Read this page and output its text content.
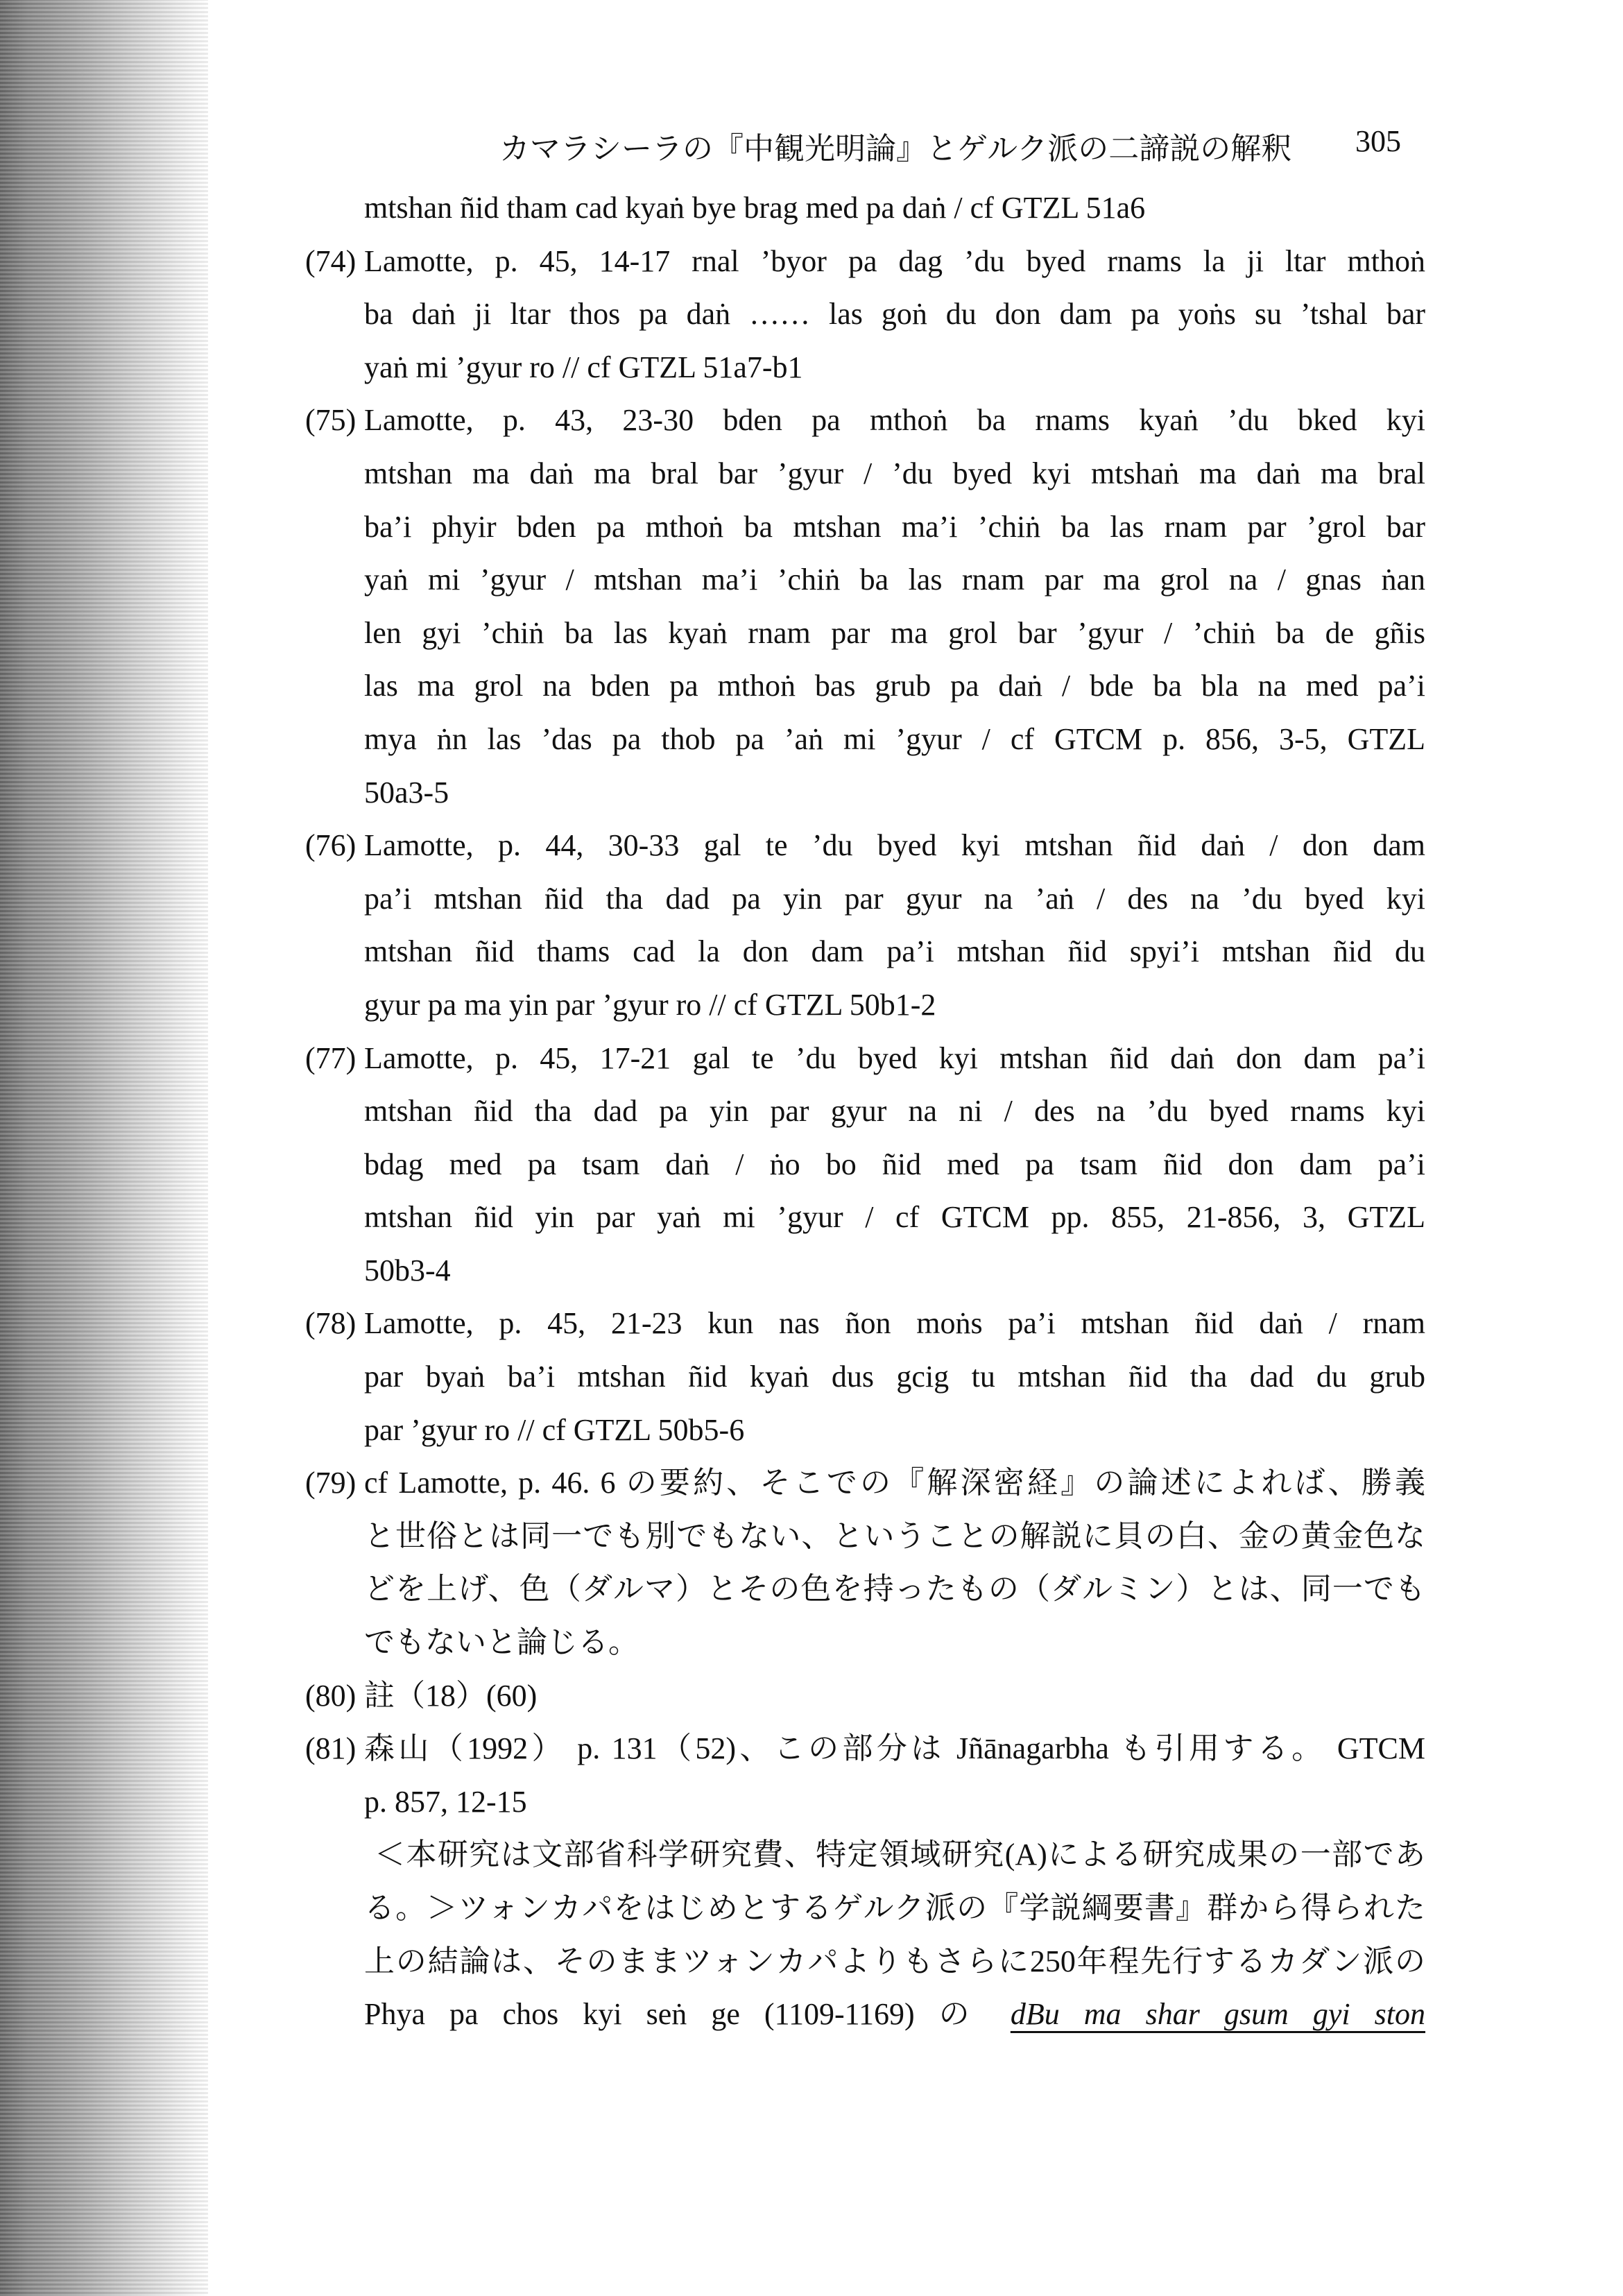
カマラシーラの『中観光明論』とゲルク派の二諦説の解釈 305
mtshan ñid tham cad kyaṅ bye brag med pa daṅ / cf GTZL 51a6
(74) Lamotte, p. 45, 14-17 rnal ’byor pa dag ’du byed rnams la ji ltar mthoṅ
ba daṅ ji ltar thos pa daṅ …… las goṅ du don dam pa yoṅs su ’tshal bar
yaṅ mi ’gyur ro // cf GTZL 51a7-b1
(75) Lamotte, p. 43, 23-30 bden pa mthoṅ ba rnams kyaṅ ’du bked kyi
mtshan ma daṅ ma bral bar ’gyur / ’du byed kyi mtshaṅ ma daṅ ma bral
ba’i phyir bden pa mthoṅ ba mtshan ma’i ’chiṅ ba las rnam par ’grol bar
yaṅ mi ’gyur / mtshan ma’i ’chiṅ ba las rnam par ma grol na / gnas ṅan
len gyi ’chiṅ ba las kyaṅ rnam par ma grol bar ’gyur / ’chiṅ ba de gñis
las ma grol na bden pa mthoṅ bas grub pa daṅ / bde ba bla na med pa’i
mya ṅn las ’das pa thob pa ’aṅ mi ’gyur / cf GTCM p. 856, 3-5, GTZL
50a3-5
(76) Lamotte, p. 44, 30-33 gal te ’du byed kyi mtshan ñid daṅ / don dam
pa’i mtshan ñid tha dad pa yin par gyur na ’aṅ / des na ’du byed kyi
mtshan ñid thams cad la don dam pa’i mtshan ñid spyi’i mtshan ñid du
gyur pa ma yin par ’gyur ro // cf GTZL 50b1-2
(77) Lamotte, p. 45, 17-21 gal te ’du byed kyi mtshan ñid daṅ don dam pa’i
mtshan ñid tha dad pa yin par gyur na ni / des na ’du byed rnams kyi
bdag med pa tsam daṅ / ṅo bo ñid med pa tsam ñid don dam pa’i
mtshan ñid yin par yaṅ mi ’gyur / cf GTCM pp. 855, 21-856, 3, GTZL
50b3-4
(78) Lamotte, p. 45, 21-23 kun nas ñon moṅs pa’i mtshan ñid daṅ / rnam
par byaṅ ba’i mtshan ñid kyaṅ dus gcig tu mtshan ñid tha dad du grub
par ’gyur ro // cf GTZL 50b5-6
(79) cf Lamotte, p. 46. 6 の要約、そこでの『解深密経』の論述によれば、勝義
と世俗とは同一でも別でもない、ということの解説に貝の白、金の黄金色な
どを上げ、色（ダルマ）とその色を持ったもの（ダルミン）とは、同一でも
でもないと論じる。
(80) 註（18）(60)
(81) 森山（1992） p. 131（52)、この部分は Jñānagarbha も引用する。 GTCM
p. 857, 12-15
＜本研究は文部省科学研究費、特定領域研究(A)による研究成果の一部であ
る。＞ツォンカパをはじめとするゲルク派の『学説綱要書』群から得られた
上の結論は、そのままツォンカパよりもさらに250年程先行するカダン派の
Phya pa chos kyi seṅ ge (1109-1169) の dBu ma shar gsum gyi ston
